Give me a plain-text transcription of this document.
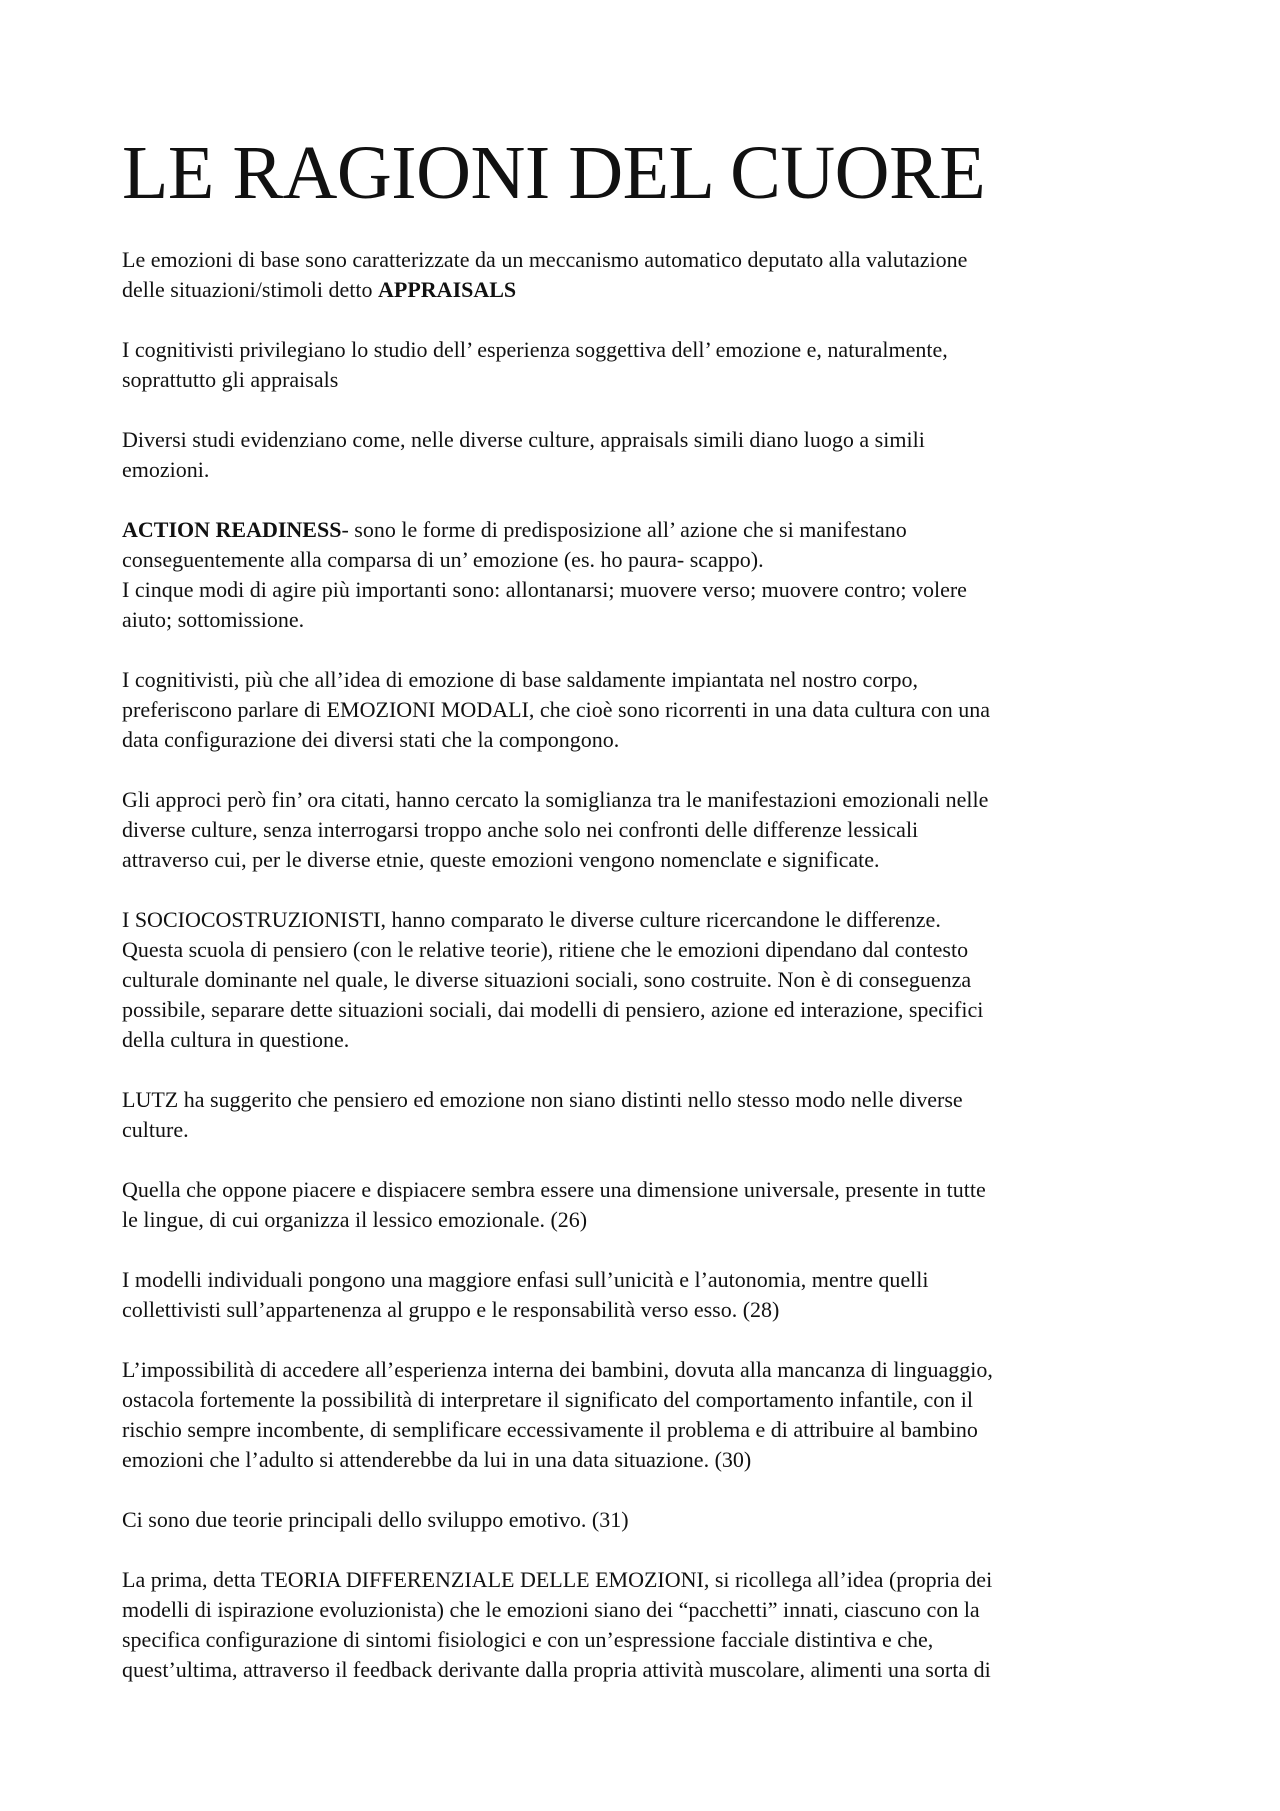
LE RAGIONI DEL CUORE

Le emozioni di base sono caratterizzate da un meccanismo automatico deputato alla valutazione
delle situazioni/stimoli detto APPRAISALS

I cognitivisti privilegiano lo studio dell’ esperienza soggettiva dell’ emozione e, naturalmente,
soprattutto gli appraisals

Diversi studi evidenziano come, nelle diverse culture, appraisals simili diano luogo a simili
emozioni.

ACTION READINESS- sono le forme di predisposizione all’ azione che si manifestano
conseguentemente alla comparsa di un’ emozione (es. ho paura- scappo).
I cinque modi di agire più importanti sono: allontanarsi; muovere verso; muovere contro; volere
aiuto; sottomissione.

I cognitivisti, più che all’idea di emozione di base saldamente impiantata nel nostro corpo,
preferiscono parlare di EMOZIONI MODALI, che cioè sono ricorrenti in una data cultura con una
data configurazione dei diversi stati che la compongono.

Gli approci però fin’ ora citati, hanno cercato la somiglianza tra le manifestazioni emozionali nelle
diverse culture, senza interrogarsi troppo anche solo nei confronti delle differenze lessicali
attraverso cui, per le diverse etnie, queste emozioni vengono nomenclate e significate.

I SOCIOCOSTRUZIONISTI, hanno comparato le diverse culture ricercandone le differenze.
Questa scuola di pensiero (con le relative teorie), ritiene che le emozioni dipendano dal contesto
culturale dominante nel quale, le diverse situazioni sociali, sono costruite. Non è di conseguenza
possibile, separare dette situazioni sociali, dai modelli di pensiero, azione ed interazione, specifici
della cultura in questione.

LUTZ ha suggerito che pensiero ed emozione non siano distinti nello stesso modo nelle diverse
culture.

Quella che oppone piacere e dispiacere sembra essere una dimensione universale, presente in tutte
le lingue, di cui organizza il lessico emozionale. (26)

I modelli individuali pongono una maggiore enfasi sull’unicità e l’autonomia, mentre quelli
collettivisti sull’appartenenza al gruppo e le responsabilità verso esso. (28)

L’impossibilità di accedere all’esperienza interna dei bambini, dovuta alla mancanza di linguaggio,
ostacola fortemente la possibilità di interpretare il significato del comportamento infantile, con il
rischio sempre incombente, di semplificare eccessivamente il problema e di attribuire al bambino
emozioni che l’adulto si attenderebbe da lui in una data situazione. (30)

Ci sono due teorie principali dello sviluppo emotivo. (31)

La prima, detta TEORIA DIFFERENZIALE DELLE EMOZIONI, si ricollega all’idea (propria dei
modelli di ispirazione evoluzionista) che le emozioni siano dei “pacchetti” innati, ciascuno con la
specifica configurazione di sintomi fisiologici e con un’espressione facciale distintiva e che,
quest’ultima, attraverso il feedback derivante dalla propria attività muscolare, alimenti una sorta di
